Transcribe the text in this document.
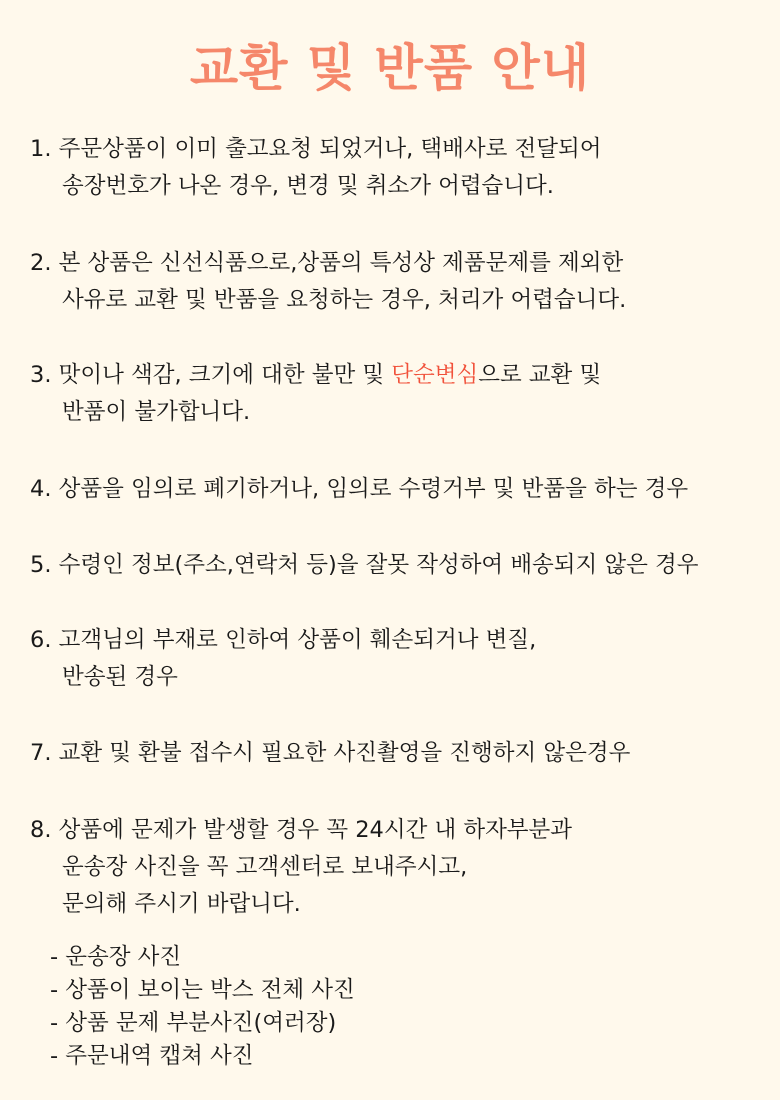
교환 및 반품 안내

1. 주문상품이 이미 출고요청 되었거나, 택배사로 전달되어

송장번호가 나온 경우, 변경 및 취소가 어렵습니다.

2. 본 상품은 신선식품으로,상품의 특성상 제품문제를 제외한

사유로 교환 및 반품을 요청하는 경우, 처리가 어렵습니다.

3. 맛이나 색감, 크기에 대한 불만 및 단순변심으로 교환 및

반품이 불가합니다.

4. 상품을 임의로 폐기하거나, 임의로 수령거부 및 반품을 하는 경우

5. 수령인 정보(주소,연락처 등)을 잘못 작성하여 배송되지 않은 경우

6. 고객님의 부재로 인하여 상품이 훼손되거나 변질,

반송된 경우

7. 교환 및 환불 접수시 필요한 사진촬영을 진행하지 않은경우

8. 상품에 문제가 발생할 경우 꼭 24시간 내 하자부분과

운송장 사진을 꼭 고객센터로 보내주시고,

문의해 주시기 바랍니다.

- 운송장 사진

- 상품이 보이는 박스 전체 사진

- 상품 문제 부분사진(여러장)

- 주문내역 캡쳐 사진
